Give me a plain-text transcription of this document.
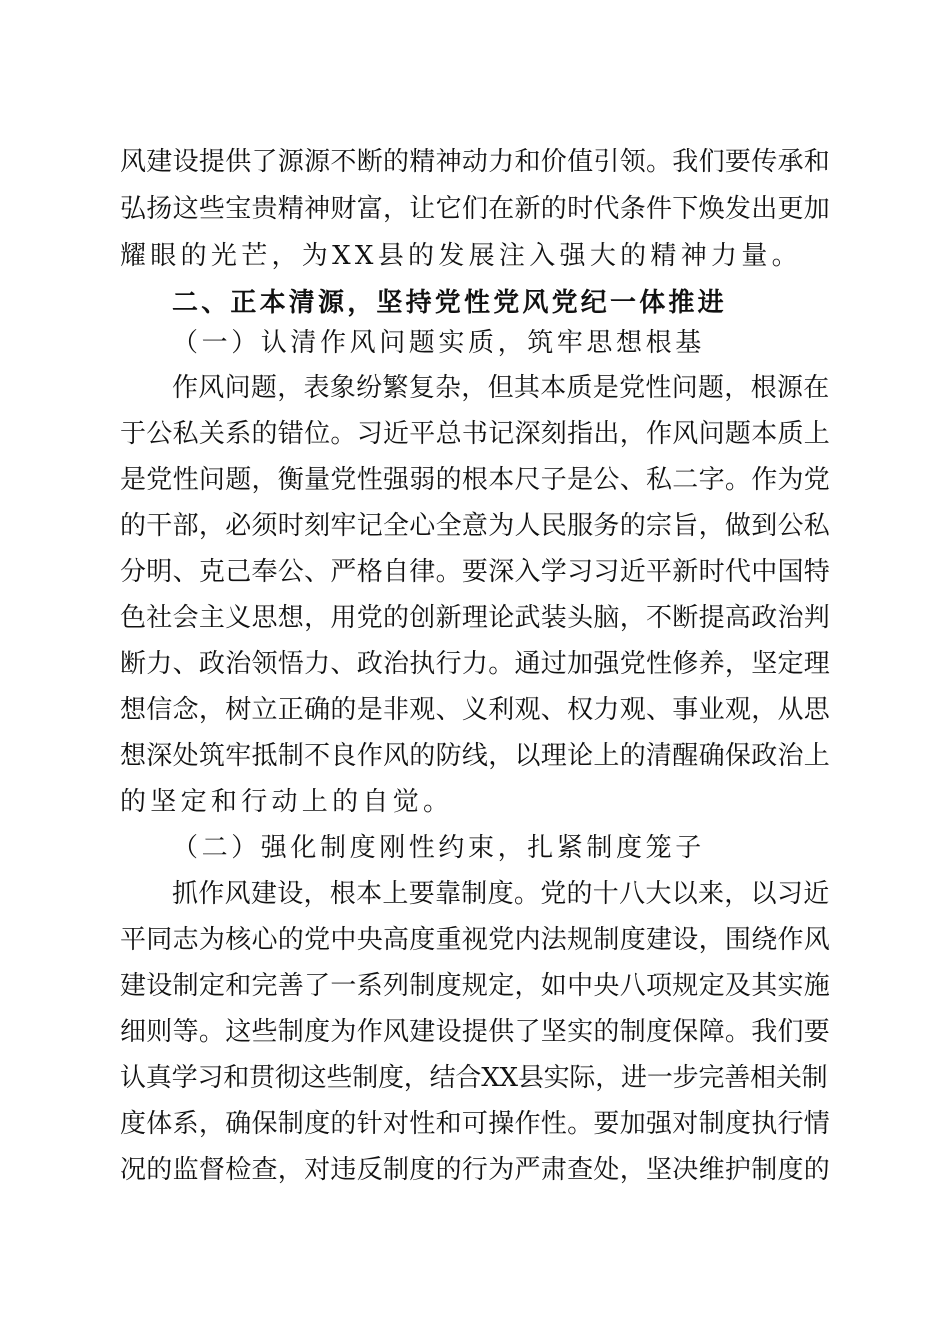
风建设提供了源源不断的精神动力和价值引领。我们要传承和
弘扬这些宝贵精神财富，让它们在新的时代条件下焕发出更加
耀眼的光芒，为XX县的发展注入强大的精神力量。
二、正本清源，坚持党性党风党纪一体推进
（一）认清作风问题实质，筑牢思想根基
作风问题，表象纷繁复杂，但其本质是党性问题，根源在
于公私关系的错位。习近平总书记深刻指出，作风问题本质上
是党性问题，衡量党性强弱的根本尺子是公、私二字。作为党
的干部，必须时刻牢记全心全意为人民服务的宗旨，做到公私
分明、克己奉公、严格自律。要深入学习习近平新时代中国特
色社会主义思想，用党的创新理论武装头脑，不断提高政治判
断力、政治领悟力、政治执行力。通过加强党性修养，坚定理
想信念，树立正确的是非观、义利观、权力观、事业观，从思
想深处筑牢抵制不良作风的防线，以理论上的清醒确保政治上
的坚定和行动上的自觉。
（二）强化制度刚性约束，扎紧制度笼子
抓作风建设，根本上要靠制度。党的十八大以来，以习近
平同志为核心的党中央高度重视党内法规制度建设，围绕作风
建设制定和完善了一系列制度规定，如中央八项规定及其实施
细则等。这些制度为作风建设提供了坚实的制度保障。我们要
认真学习和贯彻这些制度，结合XX县实际，进一步完善相关制
度体系，确保制度的针对性和可操作性。要加强对制度执行情
况的监督检查，对违反制度的行为严肃查处，坚决维护制度的
